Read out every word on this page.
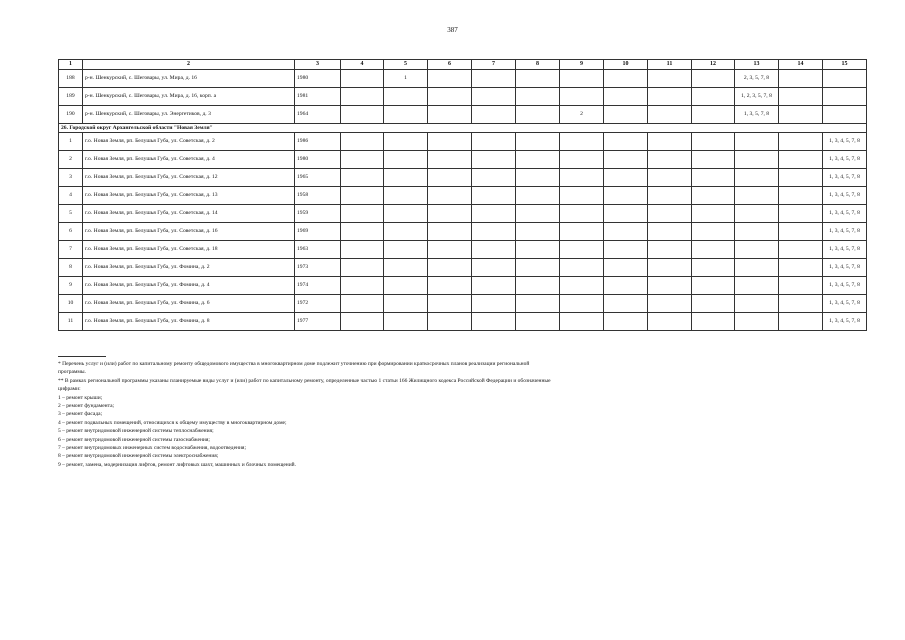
387
1	2	3	4	5	6	7	8	9	10	11	12	13	14	15
188	р-н. Шенкурский, с. Шеговары, ул. Мира, д. 16	1980		1								2, 3, 5, 7, 8		
189	р-н. Шенкурский, с. Шеговары, ул. Мира, д. 16, корп. а	1981										1, 2, 3, 5, 7, 8		
190	р-н. Шенкурский, с. Шеговары, ул. Энергетиков, д. 3	1964						2				1, 3, 5, 7, 8		
26. Городской округ Архангельской области "Новая Земля"														
1	г.о. Новая Земля, рп. Белушья Губа, ул. Советская, д. 2	1986												1, 3, 4, 5, 7, 8
2	г.о. Новая Земля, рп. Белушья Губа, ул. Советская, д. 4	1980												1, 3, 4, 5, 7, 8
3	г.о. Новая Земля, рп. Белушья Губа, ул. Советская, д. 12	1965												1, 3, 4, 5, 7, 8
4	г.о. Новая Земля, рп. Белушья Губа, ул. Советская, д. 13	1958												1, 3, 4, 5, 7, 8
5	г.о. Новая Земля, рп. Белушья Губа, ул. Советская, д. 14	1959												1, 3, 4, 5, 7, 8
6	г.о. Новая Земля, рп. Белушья Губа, ул. Советская, д. 16	1969												1, 3, 4, 5, 7, 8
7	г.о. Новая Земля, рп. Белушья Губа, ул. Советская, д. 18	1963												1, 3, 4, 5, 7, 8
8	г.о. Новая Земля, рп. Белушья Губа, ул. Фомина, д. 2	1973												1, 3, 4, 5, 7, 8
9	г.о. Новая Земля, рп. Белушья Губа, ул. Фомина, д. 4	1974												1, 3, 4, 5, 7, 8
10	г.о. Новая Земля, рп. Белушья Губа, ул. Фомина, д. 6	1972												1, 3, 4, 5, 7, 8
11	г.о. Новая Земля, рп. Белушья Губа, ул. Фомина, д. 8	1977												1, 3, 4, 5, 7, 8
* Перечень услуг и (или) работ по капитальному ремонту общедомового имущества в многоквартирном доме подлежит уточнению при формировании краткосрочных планов реализации региональной
программы.
** В рамках региональной программы указаны планируемые виды услуг и (или) работ по капитальному ремонту, определенные частью 1 статьи 166 Жилищного кодекса Российской Федерации и обозначенные
цифрами:
1 – ремонт крыши;
2 – ремонт фундамента;
3 – ремонт фасада;
4 – ремонт подвальных помещений, относящихся к общему имуществу в многоквартирном доме;
5 – ремонт внутридомовой инженерной системы теплоснабжения;
6 – ремонт внутридомовой инженерной системы газоснабжения;
7 – ремонт внутридомовых инженерных систем водоснабжения, водоотведения;
8 – ремонт внутридомовой инженерной системы электроснабжения;
9 – ремонт, замена, модернизация лифтов, ремонт лифтовых шахт, машинных и блочных помещений.
